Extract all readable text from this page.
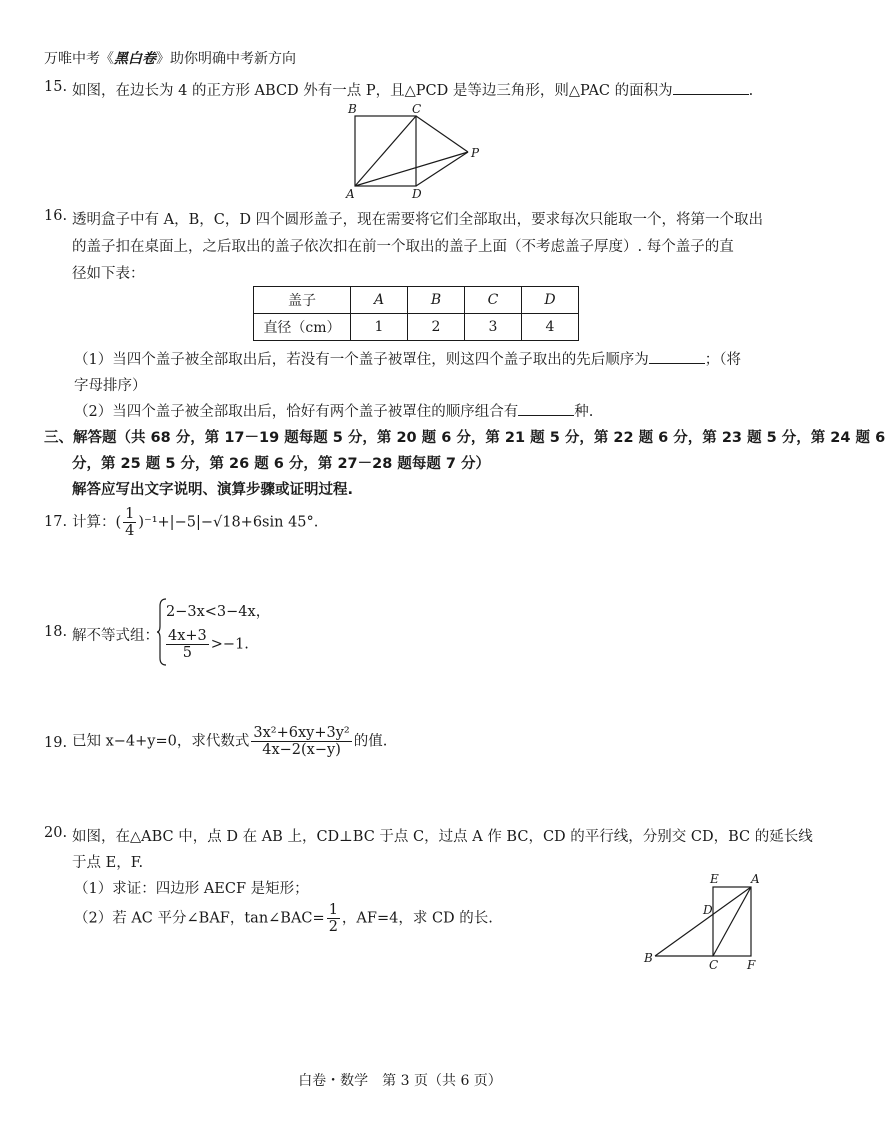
万唯中考《黑白卷》助你明确中考新方向
15. 如图，在边长为 4 的正方形 ABCD 外有一点 P，且△PCD 是等边三角形，则△PAC 的面积为	.
B	C
P
A	D
16. 透明盒子中有 A，B，C，D 四个圆形盖子，现在需要将它们全部取出，要求每次只能取一个，将第一个取出
的盖子扣在桌面上，之后取出的盖子依次扣在前一个取出的盖子上面（不考虑盖子厚度）. 每个盖子的直
径如下表：
盖子	A	B	C	D
直径（cm）	1	2	3	4
（1）当四个盖子被全部取出后，若没有一个盖子被罩住，则这四个盖子取出的先后顺序为	；（将
字母排序）
（2）当四个盖子被全部取出后，恰好有两个盖子被罩住的顺序组合有	种.
三、解答题（共 68 分，第 17－19 题每题 5 分，第 20 题 6 分，第 21 题 5 分，第 22 题 6 分，第 23 题 5 分，第 24 题 6
分，第 25 题 5 分，第 26 题 6 分，第 27－28 题每题 7 分）
解答应写出文字说明、演算步骤或证明过程.
17. 计算：( $\frac{1}{4} )^{-1}+|-5|-√18+6\sin$ 45°.
18. 解不等式组：
2−3x<3−4x，
$\frac{4x+3}{5} >-1$.
19. 已知 x−4+y=0，求代数式 $\frac{\text{3x²+6xy+3y²}}{4x-2(x-y)}$ 的值.
20. 如图，在△ABC 中，点 D 在 AB 上，CD⊥BC 于点 C，过点 A 作 BC，CD 的平行线，分别交 CD，BC 的延长线
于点 E，F.
（1）求证：四边形 AECF 是矩形；
（2）若 AC 平分∠BAF，tan∠BAC= $\frac{1}{2}$ ，AF=4，求 CD 的长.
E	A
D
B	C F
白卷・数学　第 3 页（共 6 页）
